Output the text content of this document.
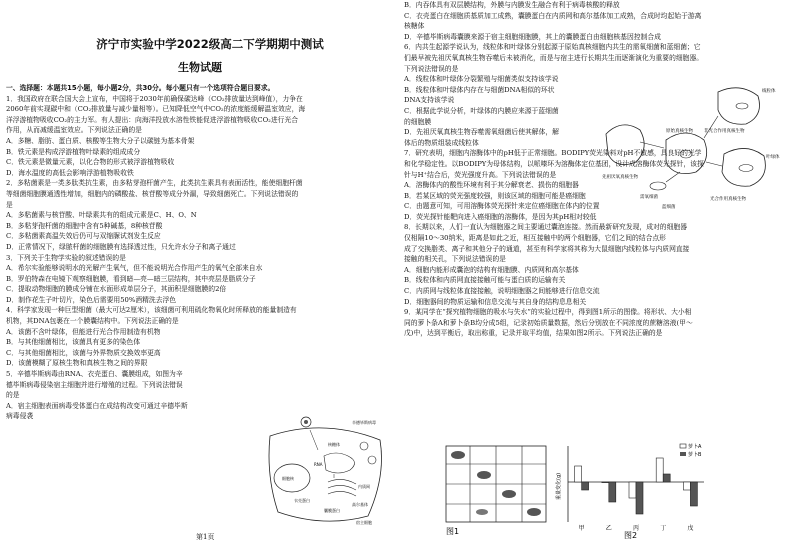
济宁市实验中学2022级高二下学期期中测试
生物试题
一、选择题：本题共15小题，每小题2分，共30分。每小题只有一个选项符合题目要求。
1．我国政府在联合国大会上宣布，中国将于2030年前确保碳达峰（CO₂排放量达到峰值），力争在
2060年前实现碳中和（CO₂排放量与减少量相等）。已知降低空气中CO₂的浓度能缓解温室效应，海
洋浮游植物吸收CO₂的主力军。有人提出：向海洋投放水溶性铁能促进浮游植物吸收CO₂进行光合
作用，从而减缓温室效应。下列说法正确的是
A．多糖、脂肪、蛋白质、核酸等生物大分子以碳链为基本骨架
B．铁元素是构成浮游植物叶绿素的组成成分
C．铁元素是微量元素，以化合物的形式被浮游植物吸收
D．海水温度的高低会影响浮游植物吸收铁
2．多粘菌素是一类多肽类抗生素，由多粘芽孢杆菌产生，此类抗生素具有表面活性，能使细胞杆菌
等细菌细胞膜通透性增加，细胞内的磷酸盐、核苷酸等成分外漏，导致细菌死亡。下列说法错误的
是
A．多粘菌素与核苷酸、叶绿素共有的组成元素是C、H、O、N
B．多粘芽孢杆菌的细胞中含有5种碱基，8种核苷酸
C．多粘菌素高温失效后仍可与双缩脲试剂发生反应
D．正常情况下，绿脓杆菌的细胞膜有选择透过性，只允许水分子和离子通过
3．下列关于生物学实验的叙述错误的是
A．希尔实验能够说明水的光解产生氧气，但不能说明光合作用产生的氧气全部来自水
B．罗伯特森在电镜下观察细胞膜，看到暗—亮—暗三层结构，其中亮层是脂质分子
C．提取动物细胞的膜成分铺在水面形成单层分子，其面积是细胞膜的2倍
D．制作花生子叶切片，染色后需要用50%酒精洗去浮色
4．科学家发现一种巨型细菌（最大可达2厘米），该细菌可利用硫化物氧化时所释放的能量制造有
机物，其DNA包裹在一个膜囊结构中。下列说法正确的是
A．该菌不含叶绿体，但能进行光合作用制造有机物
B．与其他细菌相比，该菌具有更多的染色体
C．与其他细菌相比，该菌与外界物质交换效率更高
D．该菌模糊了原核生物和真核生物之间的界限
5．辛德毕斯病毒由RNA、衣壳蛋白、囊膜组成，如图为辛
德毕斯病毒侵染宿主细胞并进行增殖的过程。下列说法错误
的是
A．宿主细胞表面病毒受体蛋白在成结构改变可通过辛德毕斯
病毒侵袭
辛德毕斯病毒
细胞核
宿主细胞
内质网
核糖体
RNA
衣壳蛋白
囊膜蛋白
高尔基体
第1页
B．内吞体具有双层膜结构，外膜与内膜发生融合有利于病毒核酸的释放
C．衣壳蛋白在细胞质基质加工成熟，囊膜蛋白在内质网和高尔基体加工成熟，合成时均起始于游离
核糖体
D．辛德毕斯病毒囊膜来源于宿主细胞细胞膜，其上的囊膜蛋白由细胞核基因控制合成
6．内共生起源学说认为，线粒体和叶绿体分别起源于原始真核细胞内共生的需氧细菌和蓝细菌；它
们最早被先祖厌氧真核生物吞噬后未被消化，而是与宿主进行长期共生而逐渐演化为重要的细胞器。
下列说法错误的是
A．线粒体和叶绿体分裂繁殖与细菌类似支持该学说
B．线粒体和叶绿体内存在与细菌DNA相似的环状
DNA支持该学说
C．根据此学说分析，叶绿体的内膜应来源于蓝细菌
的细胞膜
D．先祖厌氧真核生物吞噬需氧细菌后使其解体，解
体后的物质组装成线粒体
7．研究表明，细胞内溶酶体中的pH低于正常细胞。BODIPY荧光染料对pH不敏感，具良好的光学
和化学稳定性。以BODIPY为母体结构，以哌嗪环为溶酶体定位基团，设计成溶酶体荧光探针，该探
针与H⁺结合后，荧光强度升高。下列说法错误的是
A．溶酶体内的酸性环境有利于其分解衰老、损伤的细胞器
B．若某区域的荧光强度较强，则该区域的细胞可能是癌细胞
C．由题意可知，可用溶酶体荧光探针来定位癌细胞在体内的位置
D．荧光探针能靶向进入癌细胞的溶酶体，是因为其pH相对较低
8．长期以来，人们一直认为细胞器之间主要通过囊泡连接。然而最新研究发现，成对的细胞器
仅相隔10～30纳米，距离是如此之近，相互接触中的两个细胞器，它们之间的结合点形
成了交换脂类、离子和其他分子的通道，甚至有科学家将其称为大鼠细胞内线粒体与内质网直接
接触的相关孔，下列说法错误的是
A．细胞内能形成囊泡的结构有细胞膜、内质网和高尔基体
B．线粒体和内质网直接接触可能与蛋白质的运输有关
C．内质网与线粒体直接接触，说明细胞器之间能够进行信息交流
D．细胞器间的物质运输和信息交流与其自身的结构息息相关
9．某同学在“探究植物细胞的吸水与失水”的实验过程中，得到图1所示的图像。将形状、大小相
同的萝卜条A和萝卜条B均分成5组，记录初始质量数据，然后分别放在不同浓度的蔗糖溶液(甲～
戊)中，达到平衡后，取出称重，记录并取平均值，结果如图2所示。下列说法正确的是
线粒体
非光合作用真核生物
叶绿体
光合作用真核生物
先祖厌氧真核生物
需氧细菌
原始真核生物
蓝细菌
图1
重量变化(g)
甲	乙	丙	丁	戊
萝卜A
萝卜B
图2
